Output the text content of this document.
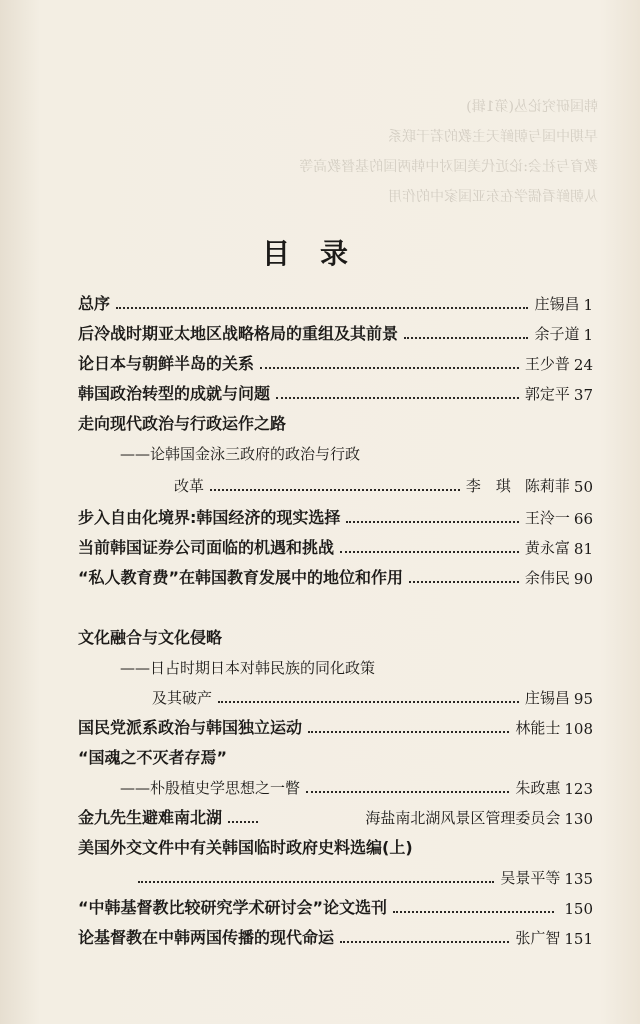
韩国研究论丛(第1辑)
早期中国与朝鲜天主教的若干联系
教育与社会:论近代美国对中韩两国的基督教高等
从朝鲜看儒学在东亚国家中的作用
目录
总序	庄锡昌 1
后冷战时期亚太地区战略格局的重组及其前景	余子道 1
论日本与朝鲜半岛的关系	王少普 24
韩国政治转型的成就与问题	郭定平 37
走向现代政治与行政运作之路
——论韩国金泳三政府的政治与行政
改革	李　琪 陈莉菲 50
步入自由化境界:韩国经济的现实选择	王泠一 66
当前韩国证券公司面临的机遇和挑战	黄永富 81
“私人教育费”在韩国教育发展中的地位和作用	余伟民 90
文化融合与文化侵略
——日占时期日本对韩民族的同化政策
及其破产	庄锡昌 95
国民党派系政治与韩国独立运动	林能士 108
“国魂之不灭者存焉”
——朴殷植史学思想之一瞥	朱政惠 123
金九先生避难南北湖	海盐南北湖风景区管理委员会 130
美国外交文件中有关韩国临时政府史料选编(上)
吴景平等 135
“中韩基督教比较研究学术研讨会”论文选刊	150
论基督教在中韩两国传播的现代命运	张广智 151
